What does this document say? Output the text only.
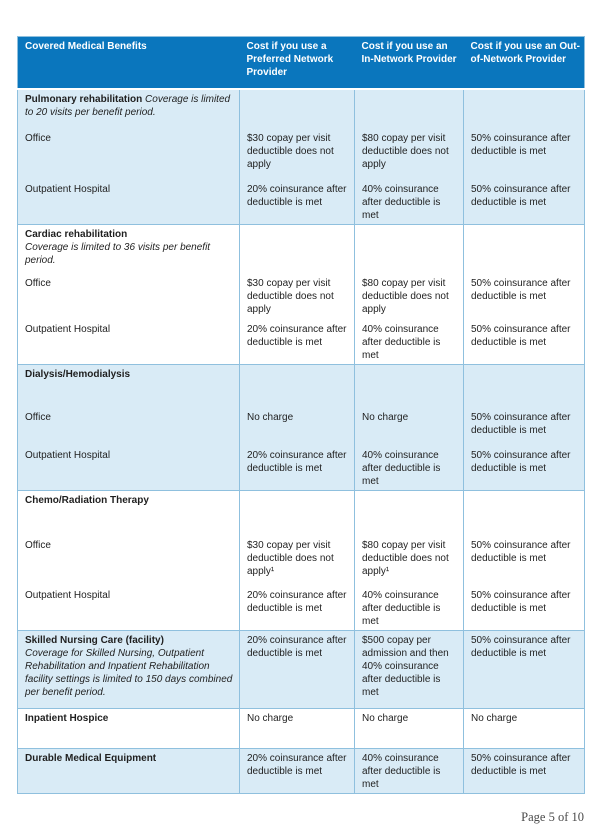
Covered Medical Benefits	Cost if you use a Preferred Network Provider	Cost if you use an In-Network Provider	Cost if you use an Out-of-Network Provider
Pulmonary rehabilitation Coverage is limited to 20 visits per benefit period.			
Office	$30 copay per visit deductible does not apply	$80 copay per visit deductible does not apply	50% coinsurance after deductible is met
Outpatient Hospital	20% coinsurance after deductible is met	40% coinsurance after deductible is met	50% coinsurance after deductible is met
Cardiac rehabilitation
Coverage is limited to 36 visits per benefit period.			

Office	$30 copay per visit deductible does not apply	$80 copay per visit deductible does not apply	50% coinsurance after deductible is met
Outpatient Hospital	20% coinsurance after deductible is met	40% coinsurance after deductible is met	50% coinsurance after deductible is met
Dialysis/Hemodialysis			
Office	No charge	No charge	50% coinsurance after deductible is met
Outpatient Hospital	20% coinsurance after deductible is met	40% coinsurance after deductible is met	50% coinsurance after deductible is met
Chemo/Radiation Therapy			
Office	$30 copay per visit deductible does not apply¹	$80 copay per visit deductible does not apply¹	50% coinsurance after deductible is met
Outpatient Hospital	20% coinsurance after deductible is met	40% coinsurance after deductible is met	50% coinsurance after deductible is met
Skilled Nursing Care (facility)
Coverage for Skilled Nursing, Outpatient Rehabilitation and Inpatient Rehabilitation facility settings is limited to 150 days combined per benefit period.	20% coinsurance after deductible is met	$500 copay per admission and then 40% coinsurance after deductible is met	50% coinsurance after deductible is met
Inpatient Hospice	No charge	No charge	No charge
Durable Medical Equipment	20% coinsurance after deductible is met	40% coinsurance after deductible is met	50% coinsurance after deductible is met
Page 5 of 10
